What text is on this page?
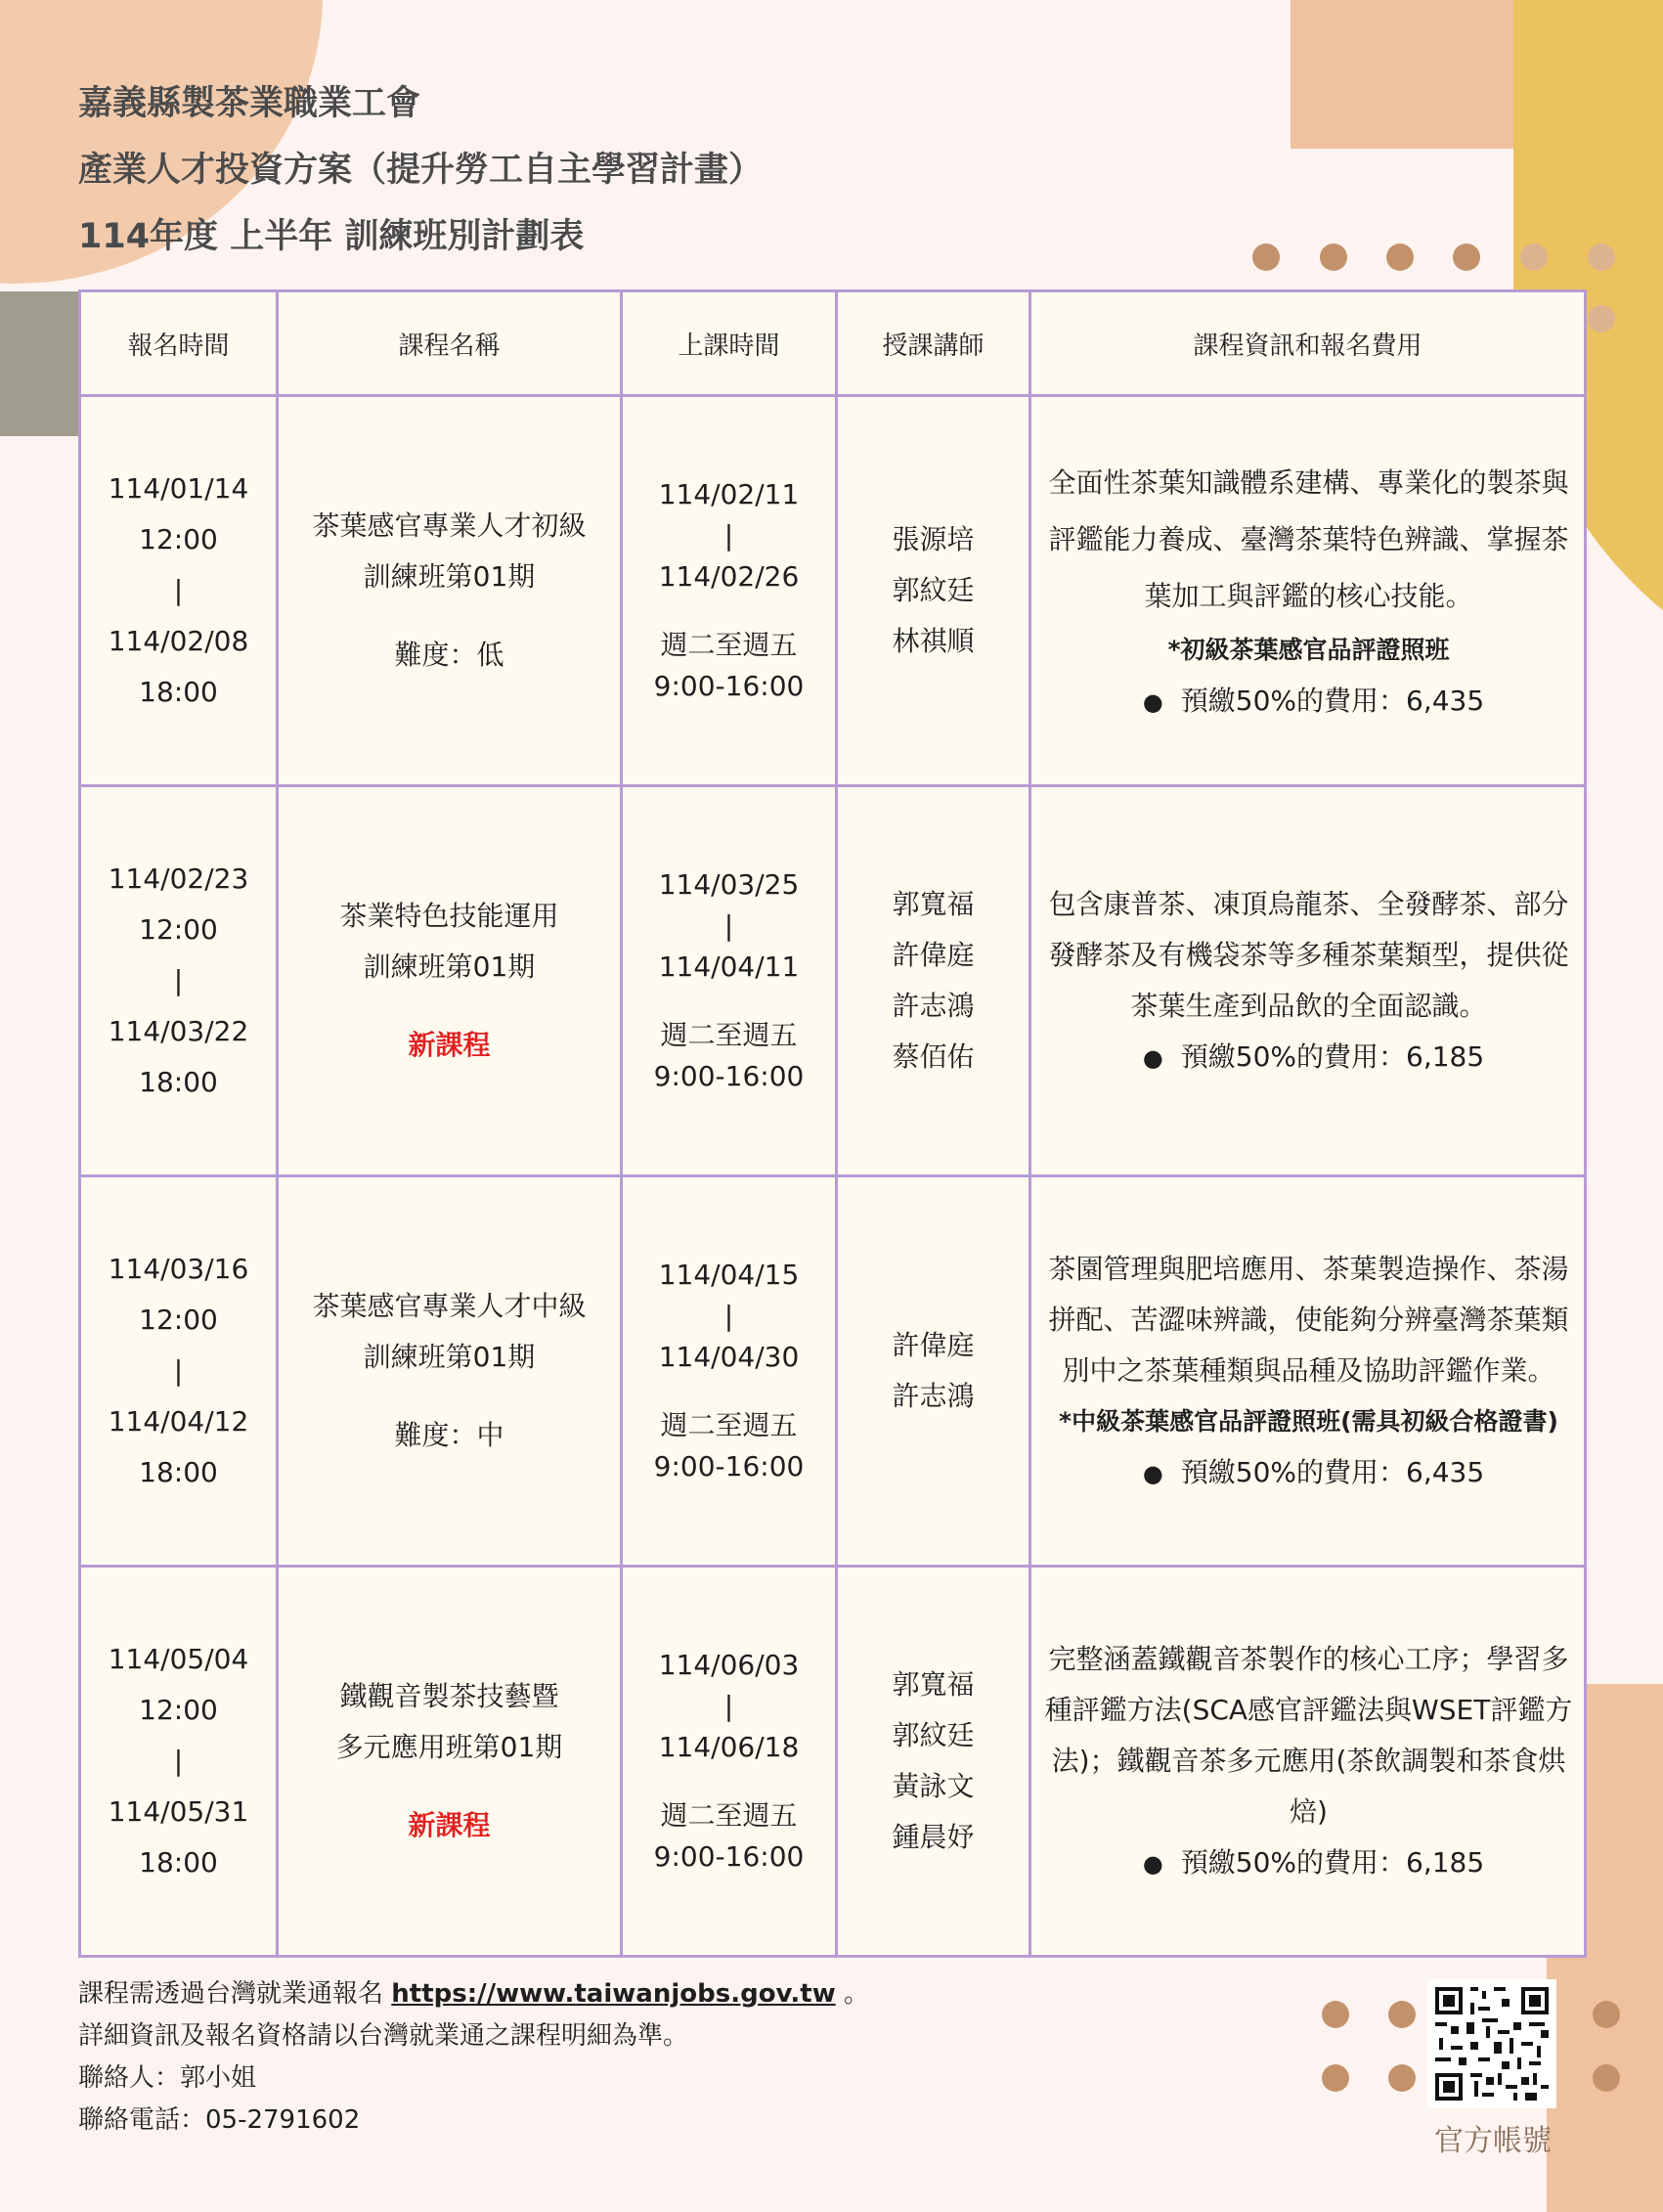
嘉義縣製茶業職業工會
產業人才投資方案（提升勞工自主學習計畫）
114年度 上半年 訓練班別計劃表
報名時間	課程名稱	上課時間	授課講師	課程資訊和報名費用

114/01/14
12:00
|
114/02/08
18:00	茶葉感官專業人才初級
訓練班第01期
難度：低	114/02/11
|
114/02/26
週二至週五
9:00-16:00	張源培
郭紋廷
林祺順	全面性茶葉知識體系建構、專業化的製茶與評鑑能力養成、臺灣茶葉特色辨識、掌握茶葉加工與評鑑的核心技能。
*初級茶葉感官品評證照班
● 預繳50%的費用：6,435

114/02/23
12:00
|
114/03/22
18:00	茶業特色技能運用
訓練班第01期
新課程	114/03/25
|
114/04/11
週二至週五
9:00-16:00	郭寬福
許偉庭
許志鴻
蔡佰佑	包含康普茶、凍頂烏龍茶、全發酵茶、部分發酵茶及有機袋茶等多種茶葉類型，提供從茶葉生產到品飲的全面認識。
● 預繳50%的費用：6,185

114/03/16
12:00
|
114/04/12
18:00	茶葉感官專業人才中級
訓練班第01期
難度：中	114/04/15
|
114/04/30
週二至週五
9:00-16:00	許偉庭
許志鴻	茶園管理與肥培應用、茶葉製造操作、茶湯拼配、苦澀味辨識，使能夠分辨臺灣茶葉類別中之茶葉種類與品種及協助評鑑作業。
*中級茶葉感官品評證照班(需具初級合格證書)
● 預繳50%的費用：6,435

114/05/04
12:00
|
114/05/31
18:00	鐵觀音製茶技藝暨
多元應用班第01期
新課程	114/06/03
|
114/06/18
週二至週五
9:00-16:00	郭寬福
郭紋廷
黃詠文
鍾晨妤	完整涵蓋鐵觀音茶製作的核心工序；學習多種評鑑方法(SCA感官評鑑法與WSET評鑑方法)；鐵觀音茶多元應用(茶飲調製和茶食烘焙)
● 預繳50%的費用：6,185
課程需透過台灣就業通報名 https://www.taiwanjobs.gov.tw 。
詳細資訊及報名資格請以台灣就業通之課程明細為準。
聯絡人：郭小姐
聯絡電話：05-2791602
官方帳號
